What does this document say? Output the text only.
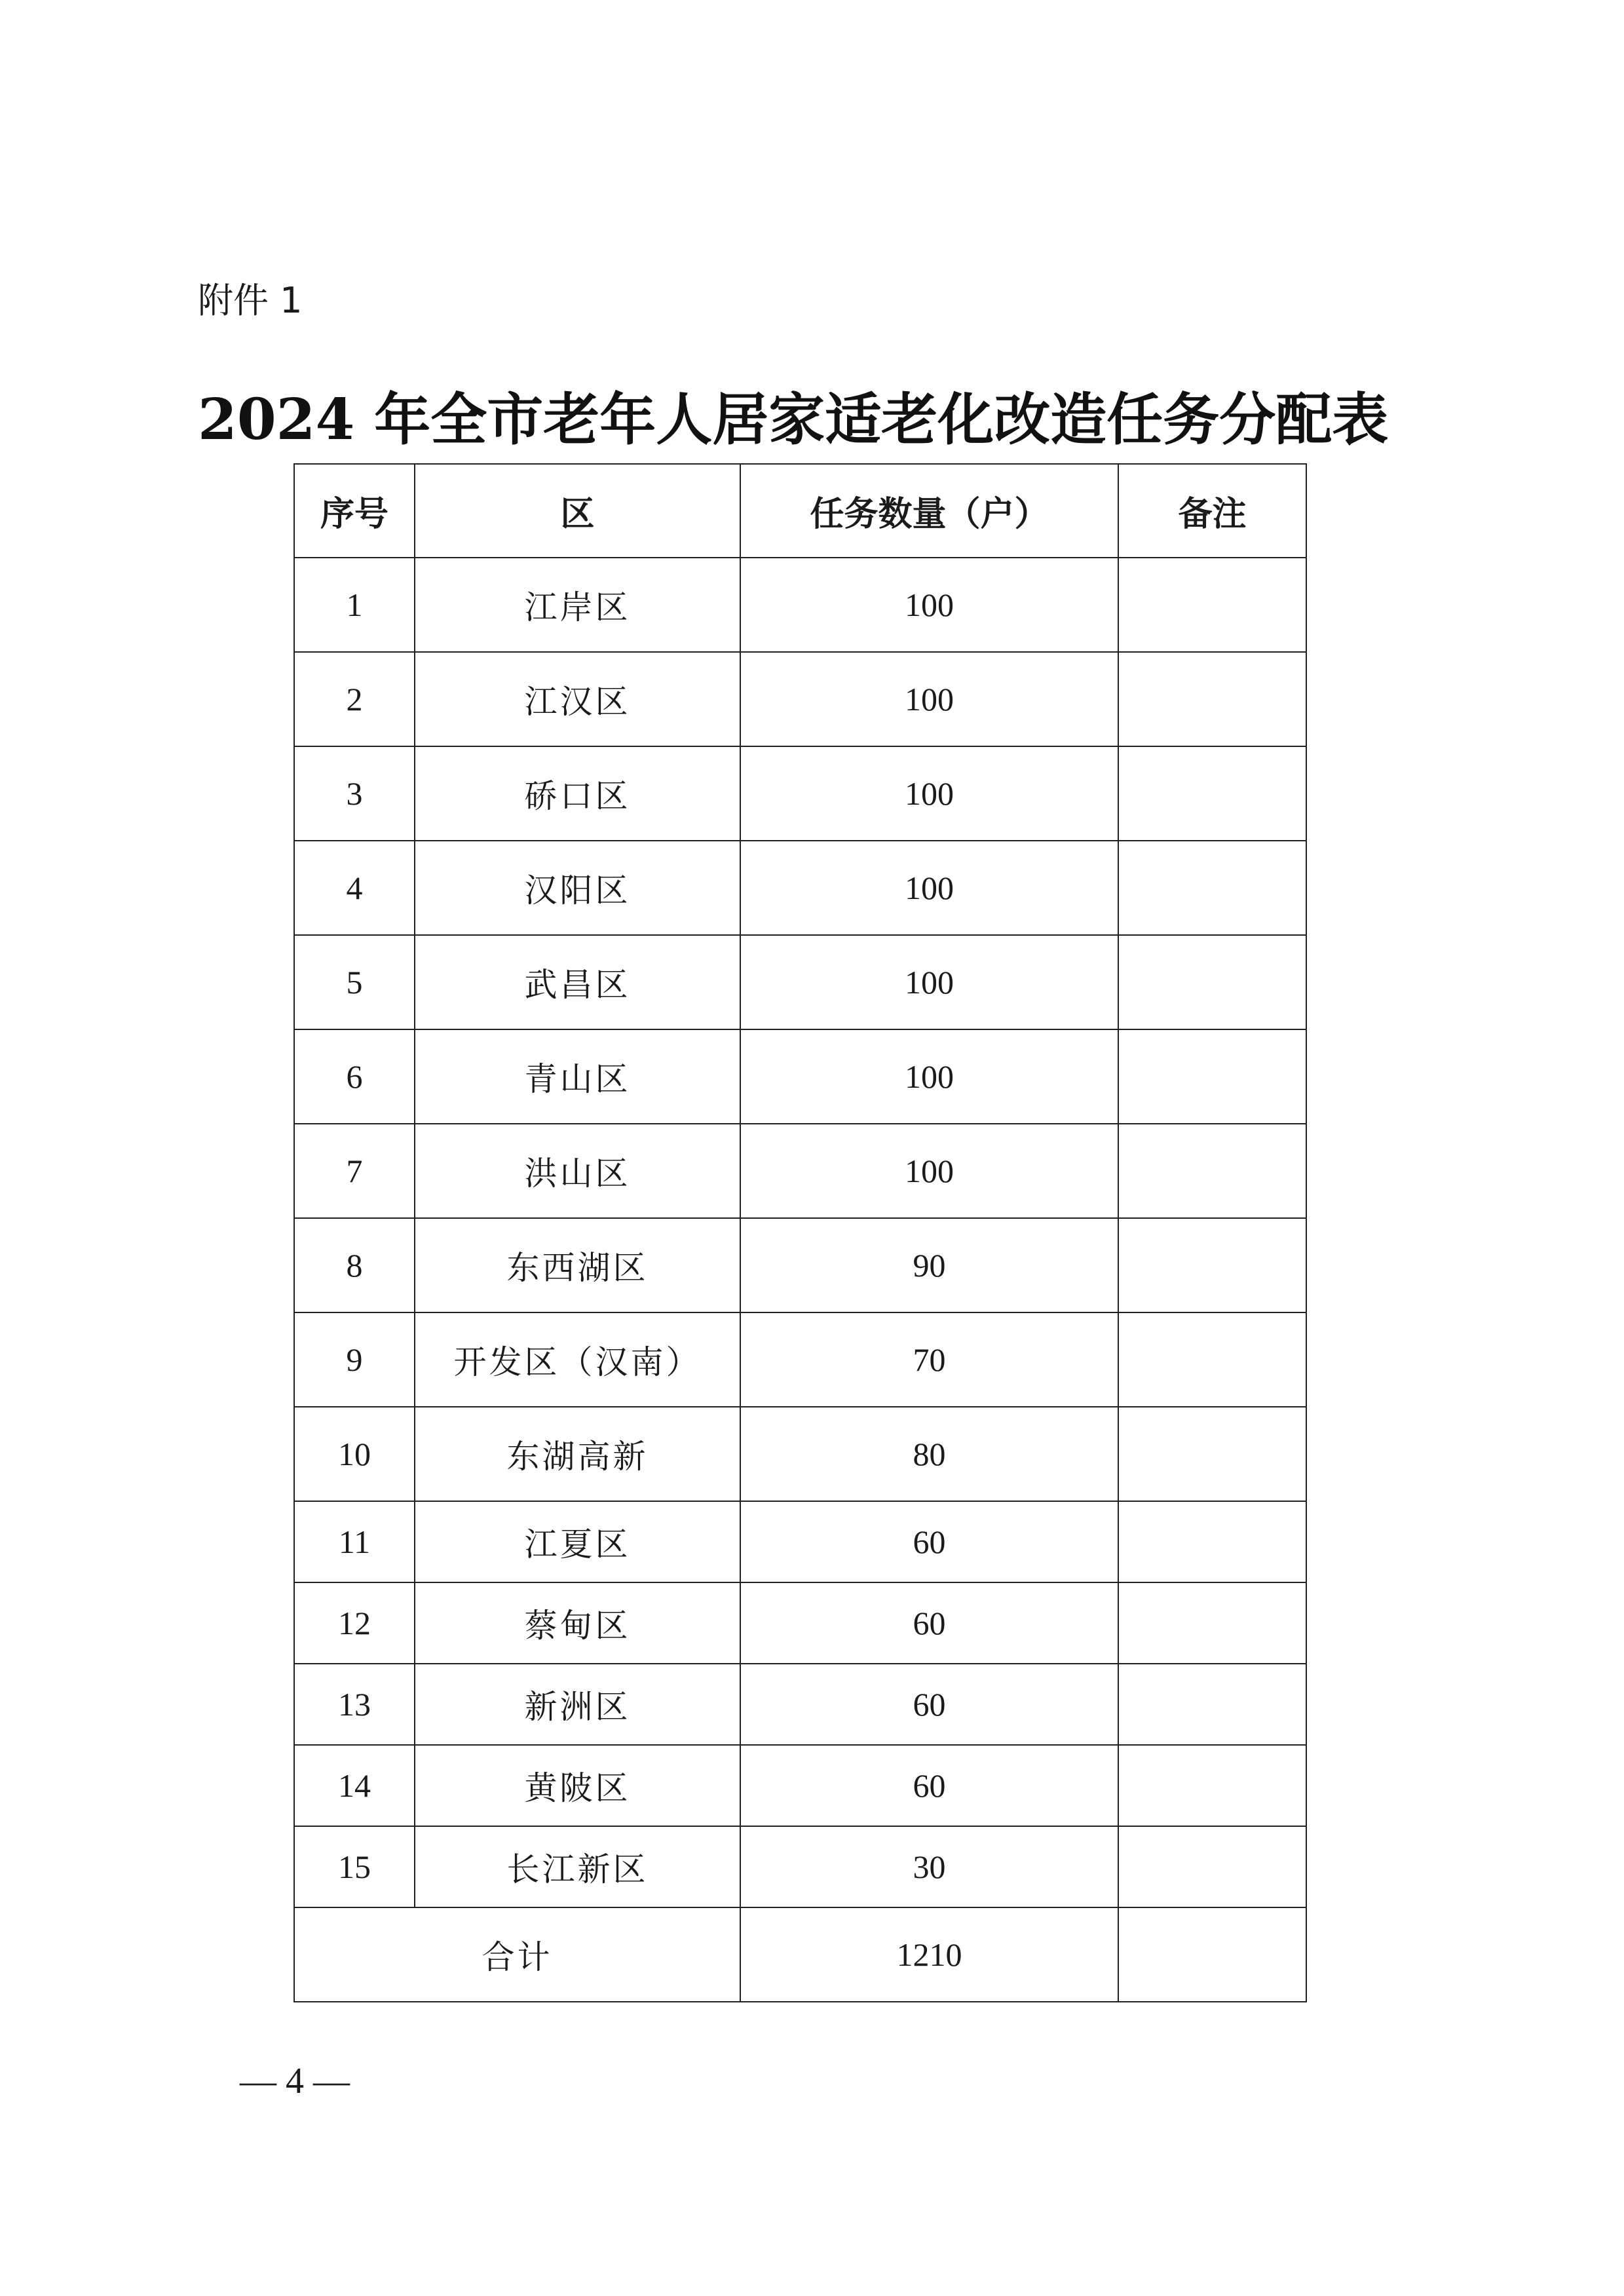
附件 1
2024 年全市老年人居家适老化改造任务分配表
序号	区	任务数量（户）	备注
1	江岸区	100	
2	江汉区	100	
3	硚口区	100	
4	汉阳区	100	
5	武昌区	100	
6	青山区	100	
7	洪山区	100	
8	东西湖区	90	
9	开发区（汉南）	70	
10	东湖高新	80	
11	江夏区	60	
12	蔡甸区	60	
13	新洲区	60	
14	黄陂区	60	
15	长江新区	30	
合计		1210	
— 4 —
